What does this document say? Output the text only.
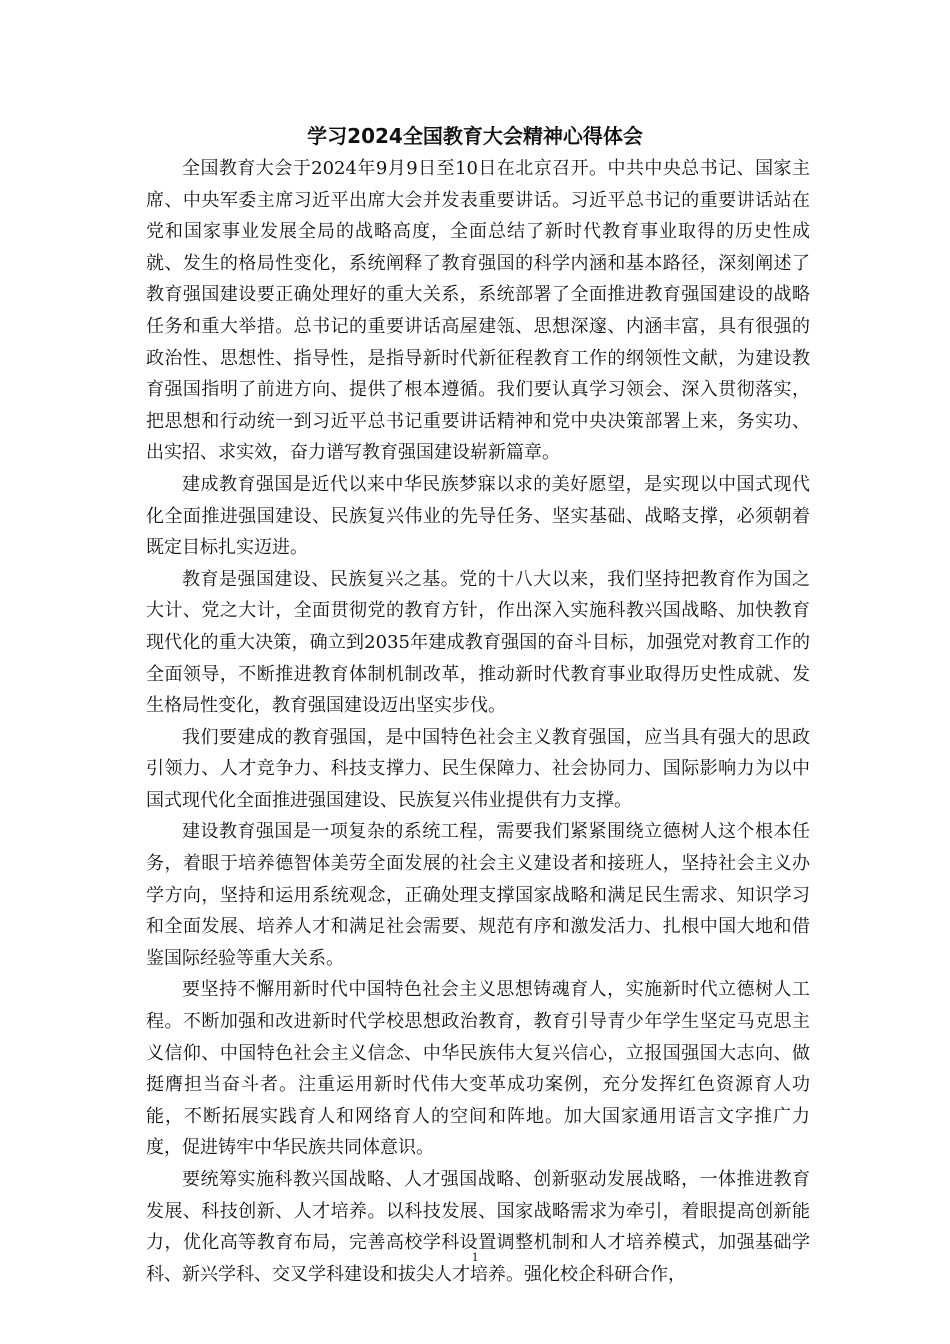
学习2024全国教育大会精神心得体会

全国教育大会于2024年9月9日至10日在北京召开。中共中央总书记、国家主席、中央军委主席习近平出席大会并发表重要讲话。习近平总书记的重要讲话站在党和国家事业发展全局的战略高度，全面总结了新时代教育事业取得的历史性成就、发生的格局性变化，系统阐释了教育强国的科学内涵和基本路径，深刻阐述了教育强国建设要正确处理好的重大关系，系统部署了全面推进教育强国建设的战略任务和重大举措。总书记的重要讲话高屋建瓴、思想深邃、内涵丰富，具有很强的政治性、思想性、指导性，是指导新时代新征程教育工作的纲领性文献，为建设教育强国指明了前进方向、提供了根本遵循。我们要认真学习领会、深入贯彻落实，把思想和行动统一到习近平总书记重要讲话精神和党中央决策部署上来，务实功、出实招、求实效，奋力谱写教育强国建设崭新篇章。

建成教育强国是近代以来中华民族梦寐以求的美好愿望，是实现以中国式现代化全面推进强国建设、民族复兴伟业的先导任务、坚实基础、战略支撑，必须朝着既定目标扎实迈进。

教育是强国建设、民族复兴之基。党的十八大以来，我们坚持把教育作为国之大计、党之大计，全面贯彻党的教育方针，作出深入实施科教兴国战略、加快教育现代化的重大决策，确立到2035年建成教育强国的奋斗目标，加强党对教育工作的全面领导，不断推进教育体制机制改革，推动新时代教育事业取得历史性成就、发生格局性变化，教育强国建设迈出坚实步伐。

我们要建成的教育强国，是中国特色社会主义教育强国，应当具有强大的思政引领力、人才竞争力、科技支撑力、民生保障力、社会协同力、国际影响力为以中国式现代化全面推进强国建设、民族复兴伟业提供有力支撑。

建设教育强国是一项复杂的系统工程，需要我们紧紧围绕立德树人这个根本任务，着眼于培养德智体美劳全面发展的社会主义建设者和接班人，坚持社会主义办学方向，坚持和运用系统观念，正确处理支撑国家战略和满足民生需求、知识学习和全面发展、培养人才和满足社会需要、规范有序和激发活力、扎根中国大地和借鉴国际经验等重大关系。

要坚持不懈用新时代中国特色社会主义思想铸魂育人，实施新时代立德树人工程。不断加强和改进新时代学校思想政治教育，教育引导青少年学生坚定马克思主义信仰、中国特色社会主义信念、中华民族伟大复兴信心，立报国强国大志向、做挺膺担当奋斗者。注重运用新时代伟大变革成功案例，充分发挥红色资源育人功能，不断拓展实践育人和网络育人的空间和阵地。加大国家通用语言文字推广力度，促进铸牢中华民族共同体意识。

要统筹实施科教兴国战略、人才强国战略、创新驱动发展战略，一体推进教育发展、科技创新、人才培养。以科技发展、国家战略需求为牵引，着眼提高创新能力，优化高等教育布局，完善高校学科设置调整机制和人才培养模式，加强基础学科、新兴学科、交叉学科建设和拔尖人才培养。强化校企科研合作，

1
